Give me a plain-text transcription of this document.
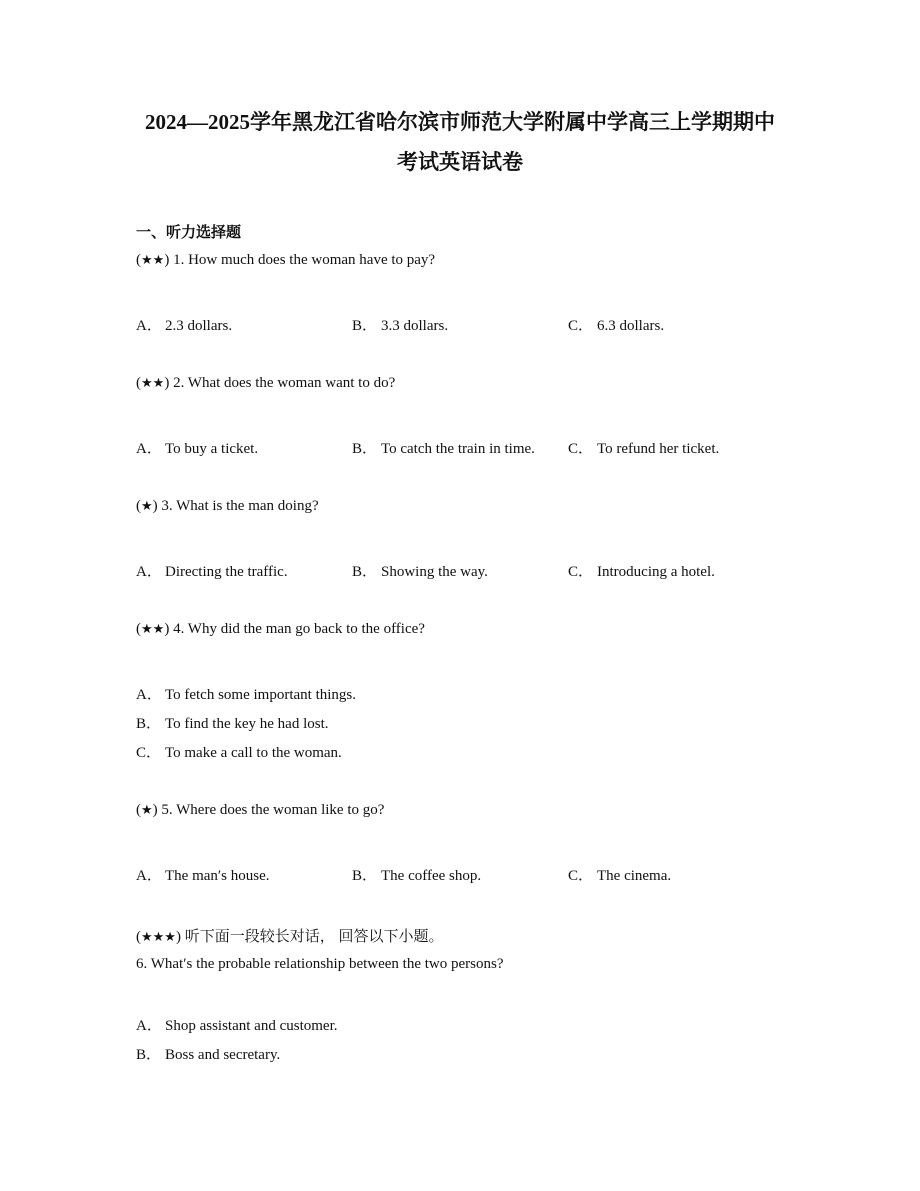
2024—2025学年黑龙江省哈尔滨市师范大学附属中学高三上学期期中
考试英语试卷
一、听力选择题
(★★) 1. How much does the woman have to pay?
A． 2.3 dollars.	B． 3.3 dollars.	C． 6.3 dollars.
(★★) 2. What does the woman want to do?
A． To buy a ticket.	B． To catch the train in time. C． To refund her ticket.
(★) 3. What is the man doing?
A． Directing the traffic.	B． Showing the way.	C． Introducing a hotel.
(★★) 4. Why did the man go back to the office?
A． To fetch some important things.
B． To find the key he had lost.
C． To make a call to the woman.
(★) 5. Where does the woman like to go?
A． The man′s house.	B． The coffee shop.	C． The cinema.
(★★★) 听下面一段较长对话， 回答以下小题。
6. What′s the probable relationship between the two persons?
A． Shop assistant and customer.
B． Boss and secretary.
